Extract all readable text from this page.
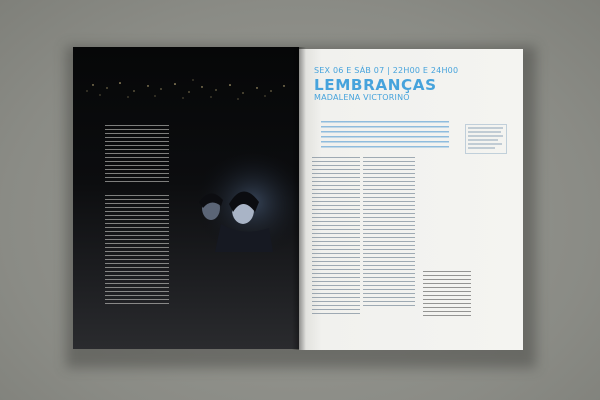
SEX 06 E SÁB 07 | 22H00 E 24H00
LEMBRANÇAS
MADALENA VICTORINO
